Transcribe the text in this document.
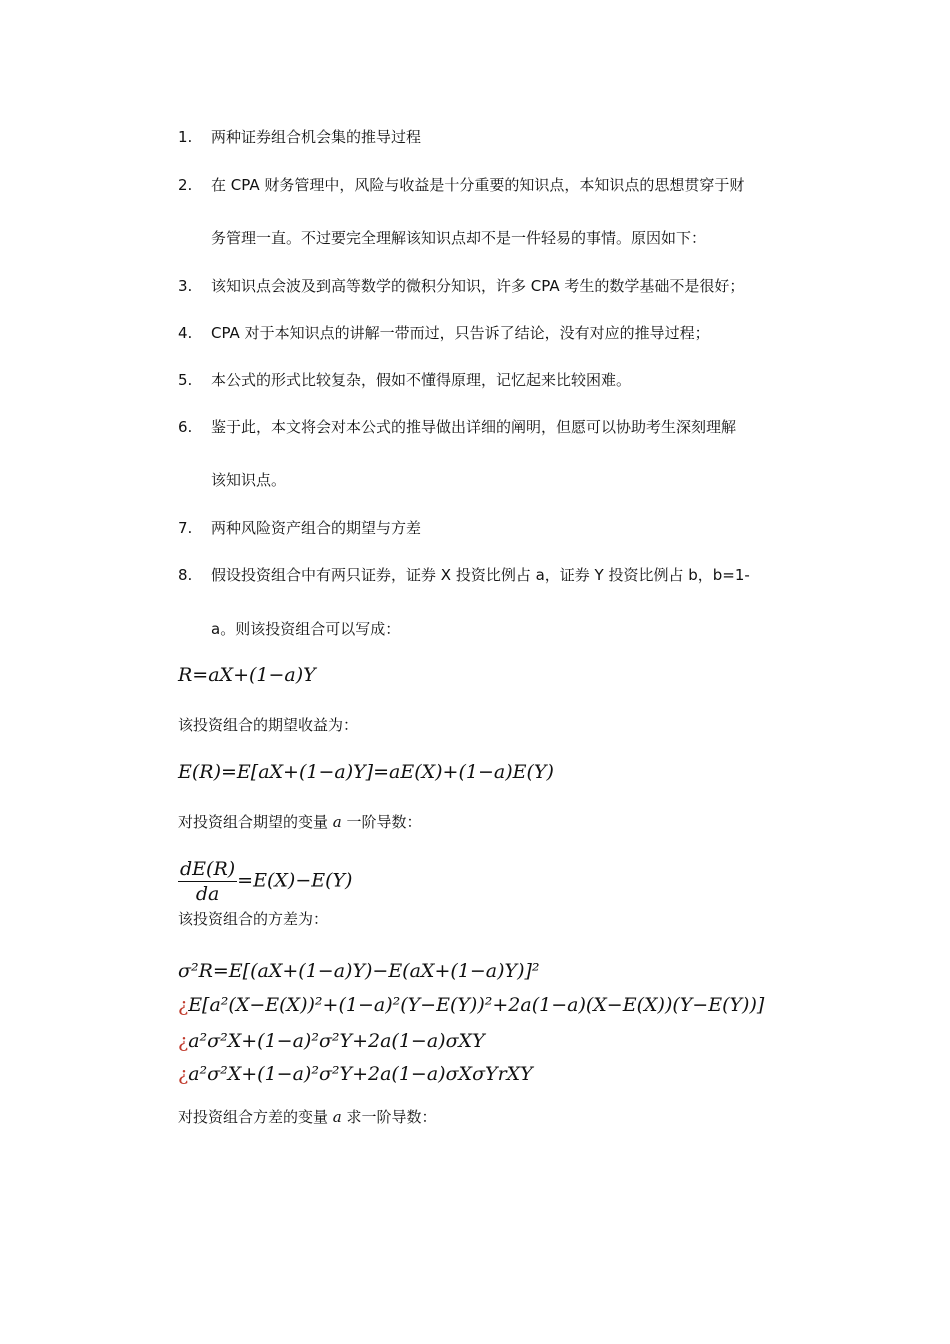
1.	两种证券组合机会集的推导过程
2.	在 CPA 财务管理中，风险与收益是十分重要的知识点，本知识点的思想贯穿于财
务管理一直。不过要完全理解该知识点却不是一件轻易的事情。原因如下：
3.	该知识点会波及到高等数学的微积分知识，许多 CPA 考生的数学基础不是很好；
4.	CPA 对于本知识点的讲解一带而过，只告诉了结论，没有对应的推导过程；
5.	本公式的形式比较复杂，假如不懂得原理，记忆起来比较困难。
6.	鉴于此，本文将会对本公式的推导做出详细的阐明，但愿可以协助考生深刻理解
该知识点。
7.	两种风险资产组合的期望与方差
8.	假设投资组合中有两只证券，证券 X 投资比例占 a，证券 Y 投资比例占 b，b=1-
a。则该投资组合可以写成：
R=aX+(1−a)Y
该投资组合的期望收益为：
E(R)=E[aX+(1−a)Y]=aE(X)+(1−a)E(Y)
对投资组合期望的变量 a 一阶导数：
$\frac{dE(R)}{da} =E(X)-E(Y)$
该投资组合的方差为：
σ²R=E[(aX+(1−a)Y)−E(aX+(1−a)Y)]²
¿E[a²(X−E(X))²+(1−a)²(Y−E(Y))²+2a(1−a)(X−E(X))(Y−E(Y))]
¿a²σ²X+(1−a)²σ²Y+2a(1−a)σXY
¿a²σ²X+(1−a)²σ²Y+2a(1−a)σXσYrXY
对投资组合方差的变量 a 求一阶导数：
